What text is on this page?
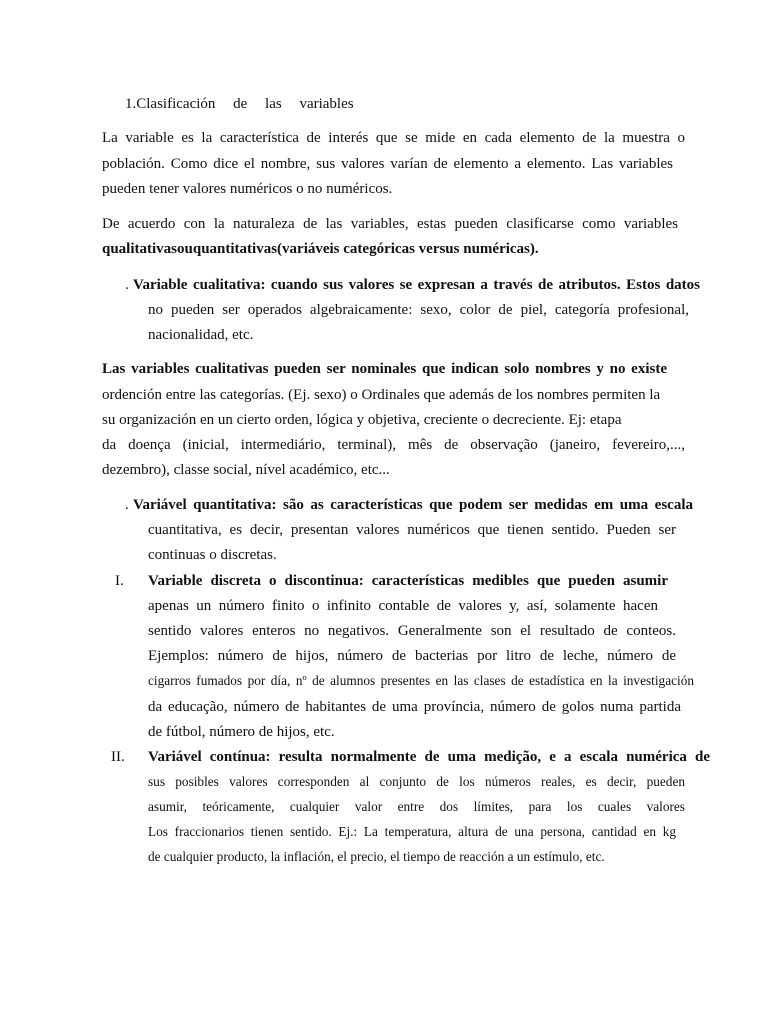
1.Clasificación de las variables
La variable es la característica de interés que se mide en cada elemento de la muestra o
población. Como dice el nombre, sus valores varían de elemento a elemento. Las variables
pueden tener valores numéricos o no numéricos.
De acuerdo con la naturaleza de las variables, estas pueden clasificarse como variables
qualitativasouquantitativas(variáveis categóricas versus numéricas).
. Variable cualitativa: cuando sus valores se expresan a través de atributos. Estos datos
no pueden ser operados algebraicamente: sexo, color de piel, categoría profesional,
nacionalidad, etc.
Las variables cualitativas pueden ser nominales que indican solo nombres y no existe
ordención entre las categorías. (Ej. sexo) o Ordinales que además de los nombres permiten la
su organización en un cierto orden, lógica y objetiva, creciente o decreciente. Ej: etapa
da doença (inicial, intermediário, terminal), mês de observação (janeiro, fevereiro,...,
dezembro), classe social, nível académico, etc...
. Variável quantitativa: são as características que podem ser medidas em uma escala
cuantitativa, es decir, presentan valores numéricos que tienen sentido. Pueden ser
continuas o discretas.
I. Variable discreta o discontinua: características medibles que pueden asumir
apenas un número finito o infinito contable de valores y, así, solamente hacen
sentido valores enteros no negativos. Generalmente son el resultado de conteos.
Ejemplos: número de hijos, número de bacterias por litro de leche, número de
cigarros fumados por día, nº de alumnos presentes en las clases de estadística en la investigación
da educação, número de habitantes de uma província, número de golos numa partida
de fútbol, número de hijos, etc.
II. Variável contínua: resulta normalmente de uma medição, e a escala numérica de
sus posibles valores corresponden al conjunto de los números reales, es decir, pueden
asumir, teóricamente, cualquier valor entre dos límites, para los cuales valores
Los fraccionarios tienen sentido. Ej.: La temperatura, altura de una persona, cantidad en kg
de cualquier producto, la inflación, el precio, el tiempo de reacción a un estímulo, etc.
